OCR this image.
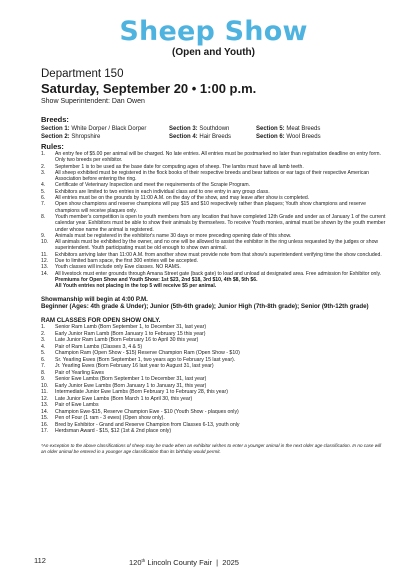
Sheep Show
(Open and Youth)
Department 150
Saturday, September 20 • 1:00 p.m.
Show Superintendent: Dan Owen
Breeds:
Section 1: White Dorper / Black Dorper	Section 3: Southdown	Section 5: Meat Breeds
Section 2: Shropshire	Section 4: Hair Breeds	Section 6: Wool Breeds
Rules:
1. An entry fee of $5.00 per animal will be charged. No late entries. All entries must be postmarked no later than registration deadline on entry form. Only two breeds per exhibitor.
2. September 1 is to be used as the base date for computing ages of sheep. The lambs must have all lamb teeth.
3. All sheep exhibited must be registered in the flock books of their respective breeds and bear tattoos or ear tags of their respective American Association before entering the ring.
4. Certificate of Veterinary Inspection and meet the requirements of the Scrapie Program.
5. Exhibitors are limited to two entries in each individual class and to one entry in any group class.
6. All entries must be on the grounds by 11:00 A.M. on the day of the show, and may leave after show is completed.
7. Open show champions and reserve champions will pay $15 and $10 respectively rather than plaques; Youth show champions and reserve champions will receive plaques only.
8. Youth member's competition is open to youth members from any location that have completed 12th Grade and under as of January 1 of the current calendar year. Exhibitors must be able to show their animals by themselves. To receive Youth monies, animal must be shown by the youth member under whose name the animal is registered.
9. Animals must be registered in the exhibitor's name 30 days or more preceding opening date of this show.
10. All animals must be exhibited by the owner, and no one will be allowed to assist the exhibitor in the ring unless requested by the judges or show superintendent. Youth participating must be old enough to show own animal.
11. Exhibitors arriving later than 11:00 A.M. from another show must provide note from that show's superintendent verifying time the show concluded.
12. Due to limited barn space, the first 300 entries will be accepted.
13. Youth classes will include only Ewe classes. NO RAMS.
14. All livestock must enter grounds through Amana Street gate (back gate) to load and unload at designated area. Free admission for Exhibitor only.
Premiums for Open Show and Youth Show: 1st $23, 2nd $18, 3rd $10, 4th $8, 5th $6.
All Youth entries not placing in the top 5 will receive $5 per animal.
Showmanship will begin at 4:00 P.M.
Beginner (Ages: 4th grade & Under); Junior (5th-6th grade); Junior High (7th-8th grade); Senior (9th-12th grade)
RAM CLASSES FOR OPEN SHOW ONLY.
1. Senior Ram Lamb (Born September 1, to December 31, last year)
2. Early Junior Ram Lamb (Born January 1 to February 15 this year)
3. Late Junior Ram Lamb (Born February 16 to April 30 this year)
4. Pair of Ram Lambs (Classes 3, 4 & 5)
5. Champion Ram (Open Show - $15) Reserve Champion Ram (Open Show - $10)
6. Sr. Yearling Ewes (Born September 1, two years ago to February 15 last year).
7. Jr. Yearling Ewes (Born February 16 last year to August 31, last year)
8. Pair of Yearling Ewes
9. Senior Ewe Lambs (Born September 1 to December 31, last year)
10. Early Junior Ewe Lambs (Born January 1 to January 31, this year)
11. Intermediate Junior Ewe Lambs (Born February 1 to February 28, this year)
12. Late Junior Ewe Lambs (Born March 1 to April 30, this year)
13. Pair of Ewe Lambs
14. Champion Ewe-$15, Reserve Champion Ewe - $10 (Youth Show - plaques only)
15. Pen of Four (1 ram - 3 ewes) (Open show only).
16. Bred by Exhibitor - Grand and Reserve Champion from Classes 6-13, youth only
17. Herdsman Award - $15, $12 (1st & 2nd place only)
*An exception to the above classifications of sheep may be made when an exhibitor wishes to enter a younger animal in the next older age classification. In no case will an older animal be entered in a younger age classification than its birthday would permit.
112	120th Lincoln County Fair  |  2025
